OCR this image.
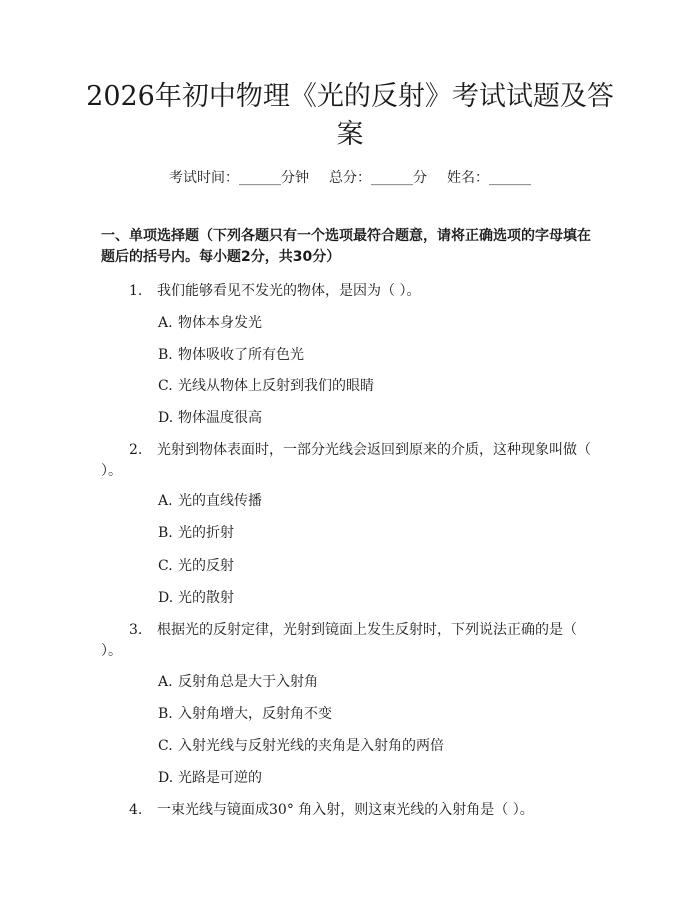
2026年初中物理《光的反射》考试试题及答案
考试时间：______分钟 总分：______分 姓名：______

一、单项选择题（下列各题只有一个选项最符合题意，请将正确选项的字母填在题后的括号内。每小题2分，共30分）

1. 我们能够看见不发光的物体，是因为（ ）。
A. 物体本身发光
B. 物体吸收了所有色光
C. 光线从物体上反射到我们的眼睛
D. 物体温度很高
2. 光射到物体表面时，一部分光线会返回到原来的介质，这种现象叫做（ ）。
A. 光的直线传播
B. 光的折射
C. 光的反射
D. 光的散射
3. 根据光的反射定律，光射到镜面上发生反射时，下列说法正确的是（ ）。
A. 反射角总是大于入射角
B. 入射角增大，反射角不变
C. 入射光线与反射光线的夹角是入射角的两倍
D. 光路是可逆的
4. 一束光线与镜面成30° 角入射，则这束光线的入射角是（ ）。
